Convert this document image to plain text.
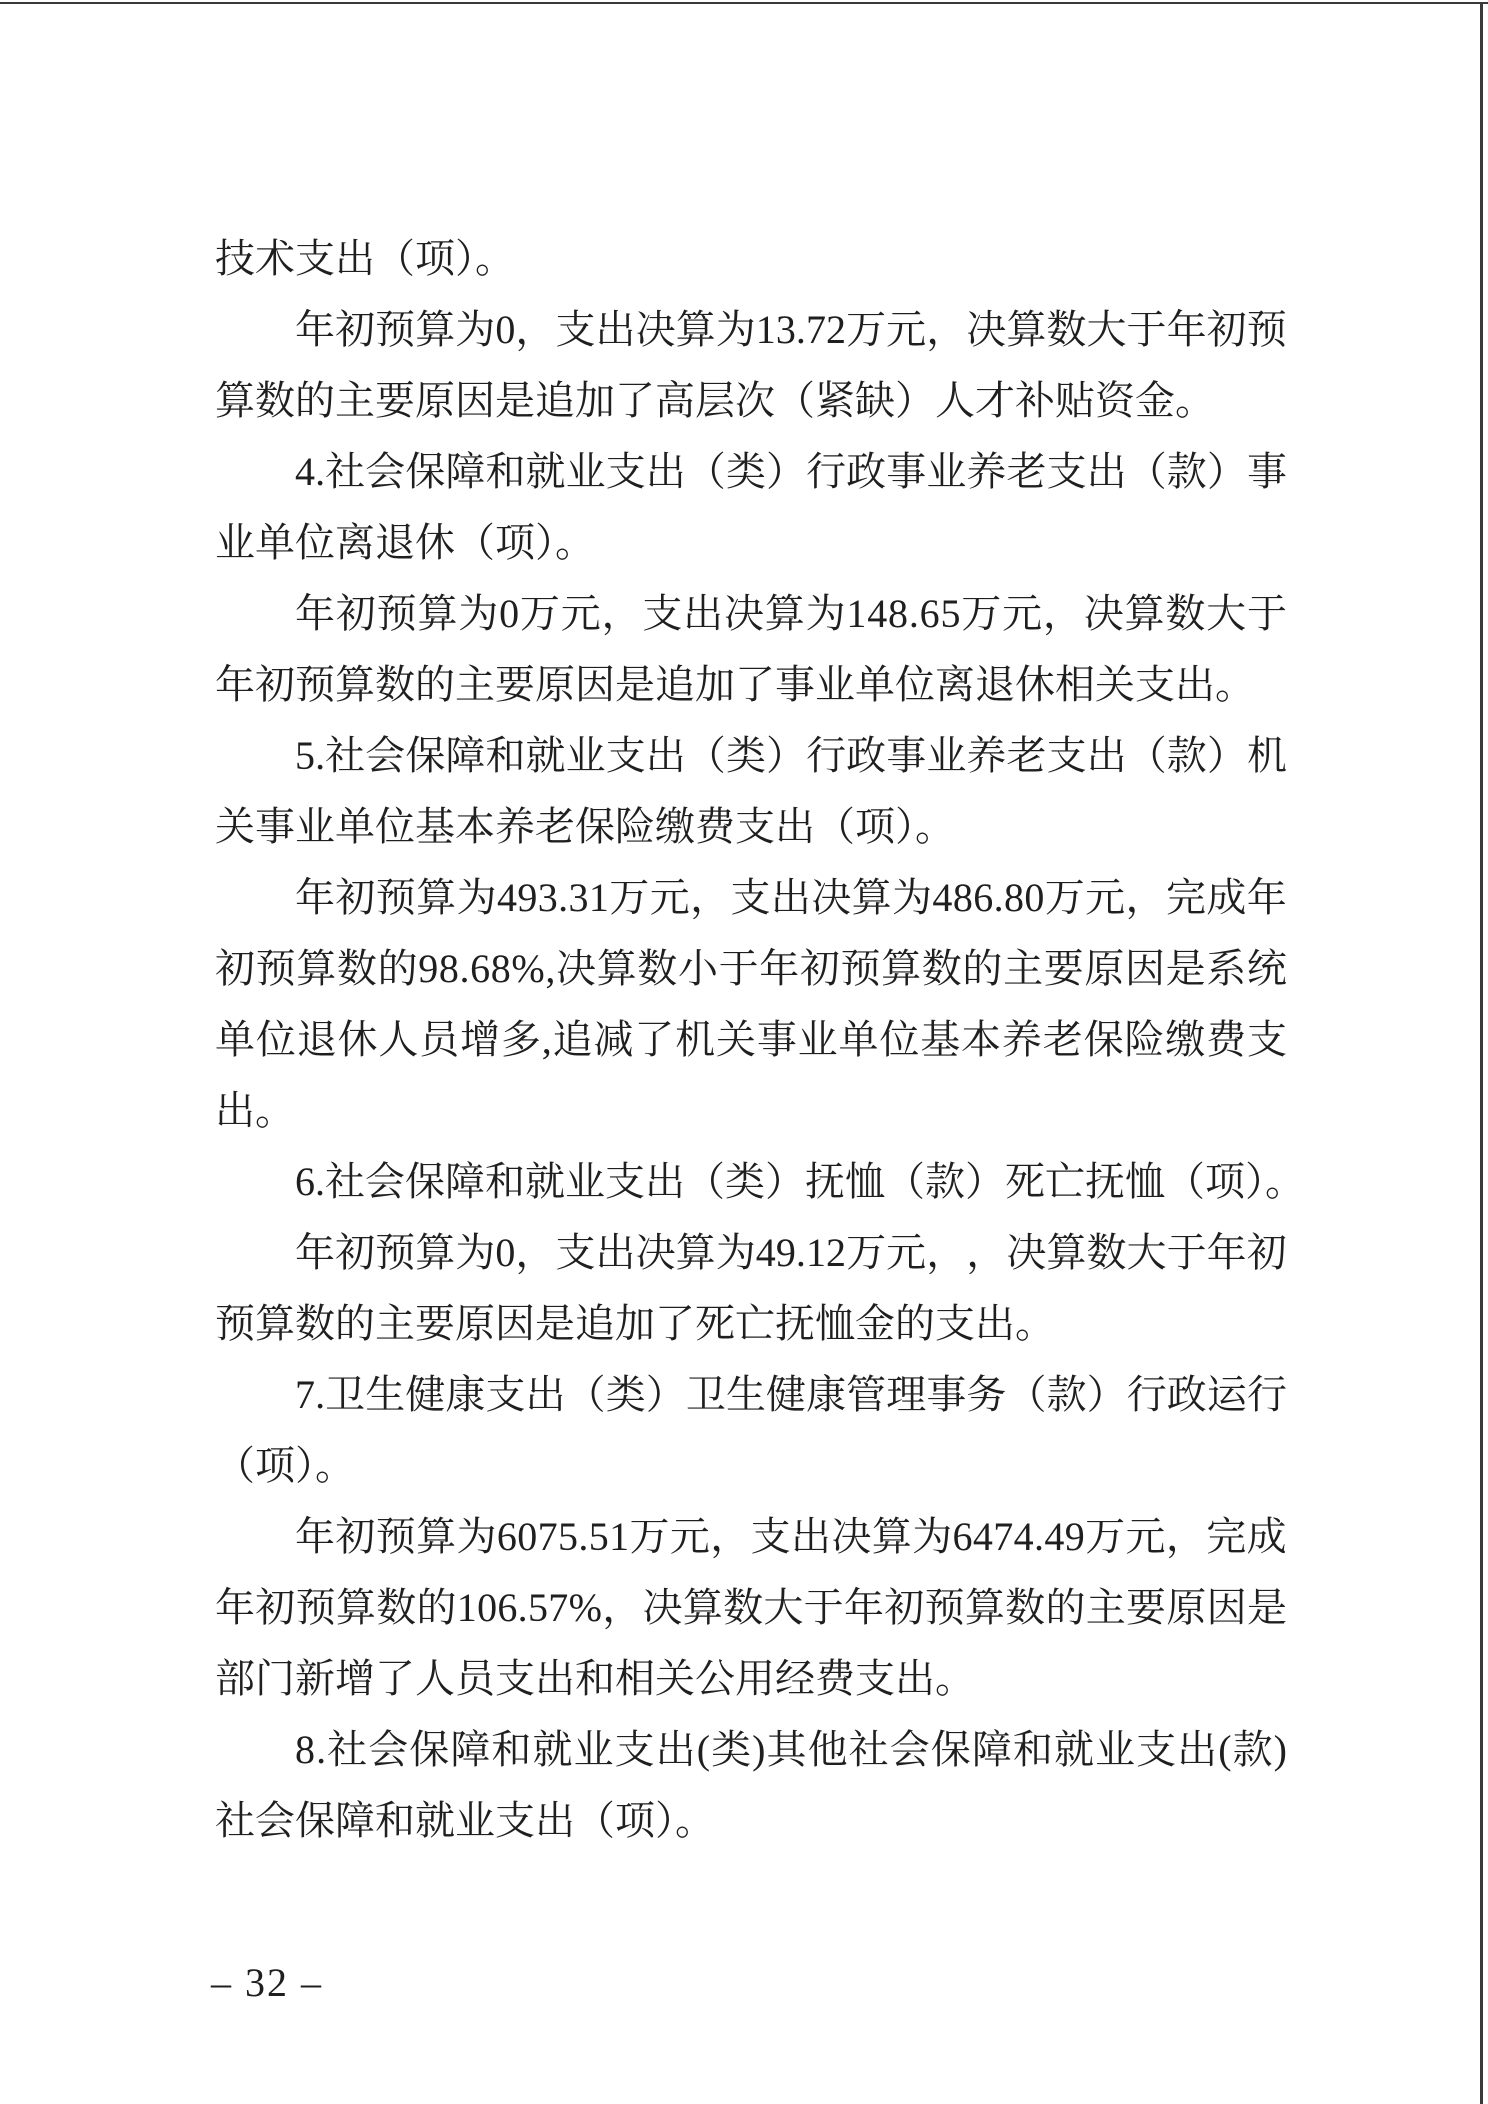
技术支出（项）。
年 初 预 算 为 0 ， 支 出 决 算 为 1 3 . 7 2 万 元 ， 决 算 数 大 于 年 初 预
算数的主要原因是追加了高层次（紧缺）人才补贴资金。
4 . 社 会 保 障 和 就 业 支 出 （ 类 ） 行 政 事 业 养 老 支 出 （ 款 ） 事
业单位离退休（项）。
年 初 预 算 为 0 万 元 ， 支 出 决 算 为 1 4 8 . 6 5 万 元 ， 决 算 数 大 于
年初预算数的主要原因是追加了事业单位离退休相关支出。
5 . 社 会 保 障 和 就 业 支 出 （ 类 ） 行 政 事 业 养 老 支 出 （ 款 ） 机
关事业单位基本养老保险缴费支出（项）。
年 初 预 算 为 4 9 3 . 3 1 万 元 ， 支 出 决 算 为 4 8 6 . 8 0 万 元 ， 完 成 年
初 预 算 数 的 9 8 . 6 8 % , 决 算 数 小 于 年 初 预 算 数 的 主 要 原 因 是 系 统
单 位 退 休 人 员 增 多 , 追 减 了 机 关 事 业 单 位 基 本 养 老 保 险 缴 费 支
出。
6.社会保障和就业支出（类）抚恤（款）死亡抚恤（项）。
年 初 预 算 为 0 ， 支 出 决 算 为 4 9 . 1 2 万 元 ， ， 决 算 数 大 于 年 初
预算数的主要原因是追加了死亡抚恤金的支出。
7 . 卫 生 健 康 支 出 （ 类 ） 卫 生 健 康 管 理 事 务 （ 款 ） 行 政 运 行
（项）。
年 初 预 算 为 6 0 7 5 . 5 1 万 元 ， 支 出 决 算 为 6 4 7 4 . 4 9 万 元 ， 完 成
年 初 预 算 数 的 1 0 6 . 5 7 % ， 决 算 数 大 于 年 初 预 算 数 的 主 要 原 因 是
部门新增了人员支出和相关公用经费支出。
8 . 社 会 保 障 和 就 业 支 出 ( 类 ) 其 他 社 会 保 障 和 就 业 支 出 ( 款 )
社会保障和就业支出（项）。
– 32 –
